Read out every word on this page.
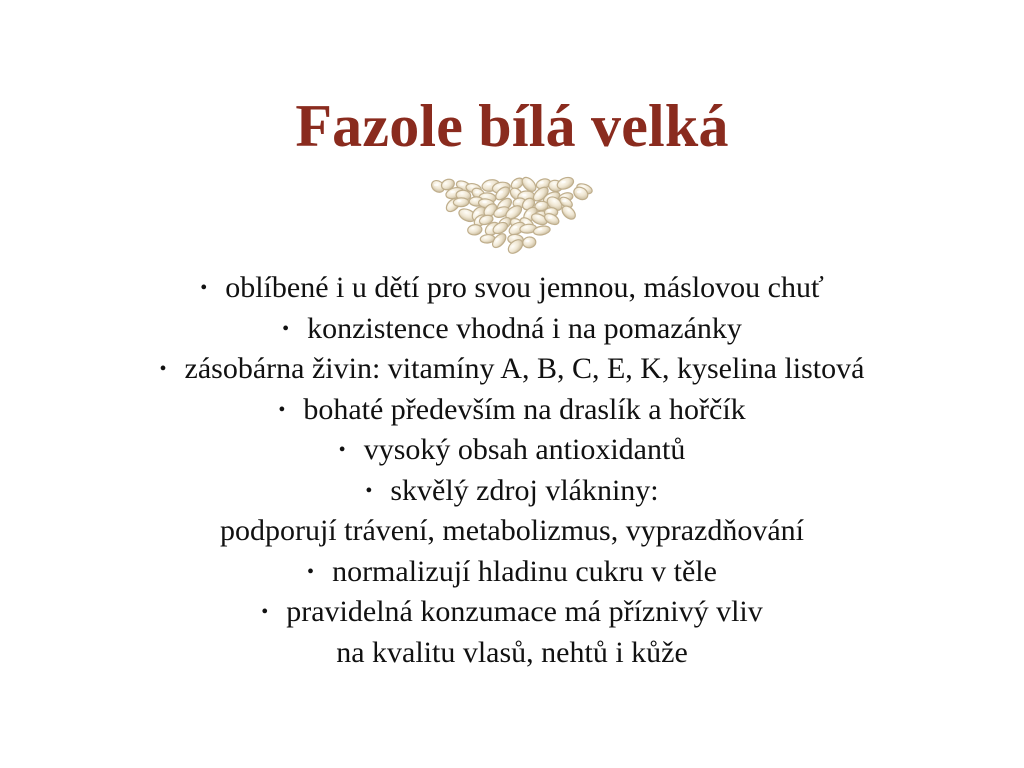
Fazole bílá velká
• oblíbené i u dětí pro svou jemnou, máslovou chuť
• konzistence vhodná i na pomazánky
• zásobárna živin: vitamíny A, B, C, E, K, kyselina listová
• bohaté především na draslík a hořčík
• vysoký obsah antioxidantů
• skvělý zdroj vlákniny:
podporují trávení, metabolizmus, vyprazdňování
• normalizují hladinu cukru v těle
• pravidelná konzumace má příznivý vliv
na kvalitu vlasů, nehtů i kůže
